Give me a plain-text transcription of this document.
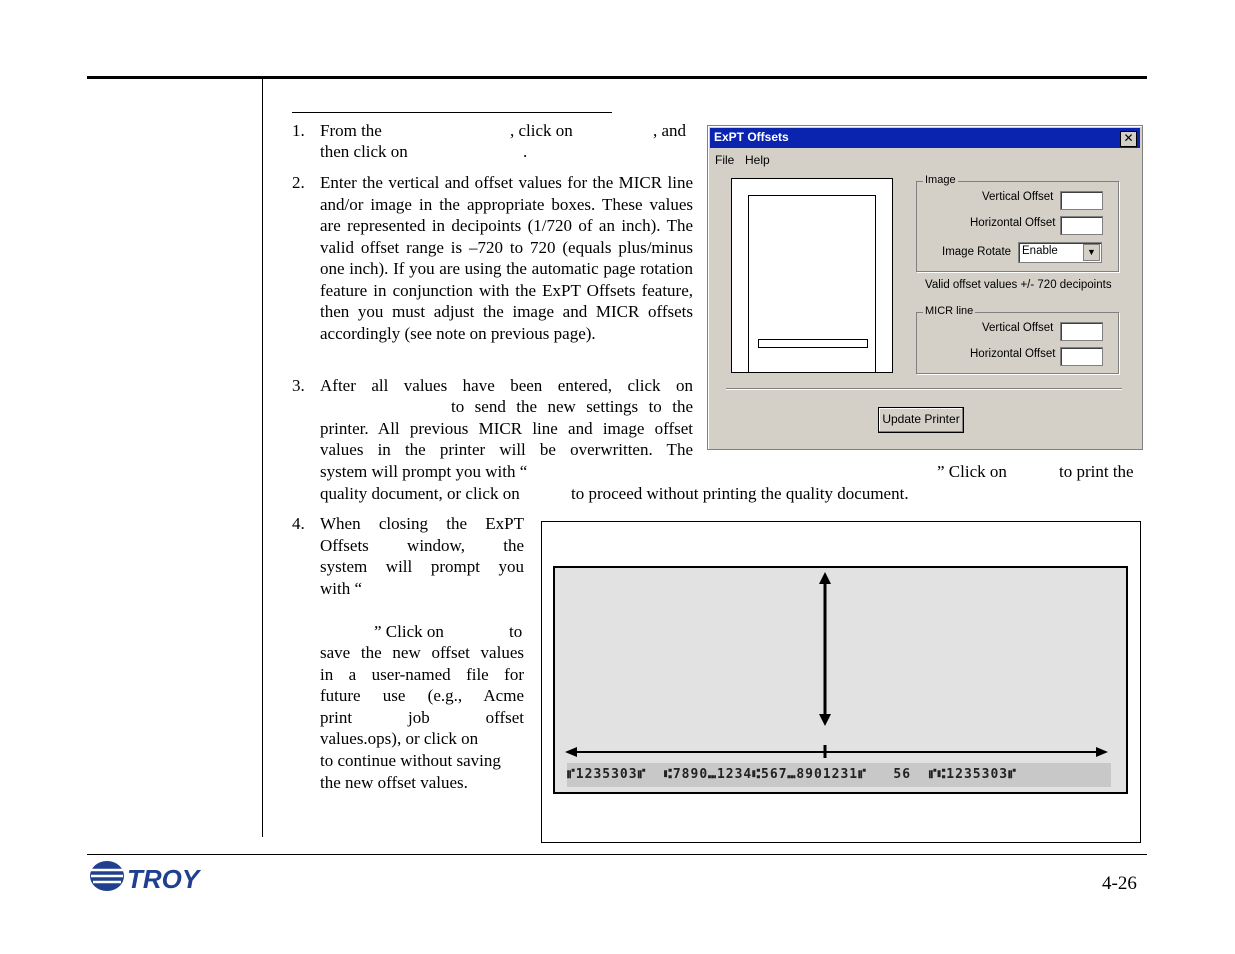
1. From the	, click on	, and
then click on	.
2. Enter the vertical and offset values for the MICR line and/or image in the appropriate boxes. These values are represented in decipoints (1/720 of an inch). The valid offset range is –720 to 720 (equals plus/minus one inch). If you are using the automatic page rotation feature in conjunction with the ExPT Offsets feature, then you must adjust the image and MICR offsets accordingly (see note on previous page).
3. After all values have been entered, click on
to send the new settings to the
printer. All previous MICR line and image offset
values in the printer will be overwritten. The
system will prompt you with “	” Click on	to print the
quality document, or click on	to proceed without printing the quality document.
4. When closing the ExPT
Offsets window, the
system will prompt you
with “
” Click on	to
save the new offset values
in a user-named file for
future use (e.g., Acme
print job offset
values.ops), or click on
to continue without saving
the new offset values.
ExPT Offsets	✕
File Help
Image
Vertical Offset
Horizontal Offset
Image Rotate Enable	▼
Valid offset values +/- 720 decipoints
MICR line
Vertical Offset
Horizontal Offset
Update Printer
⑈1235303⑈  ⑆7890⑉1234⑆567⑉8901231⑈   56  ⑈⑆1235303⑈
TROY	4-26
